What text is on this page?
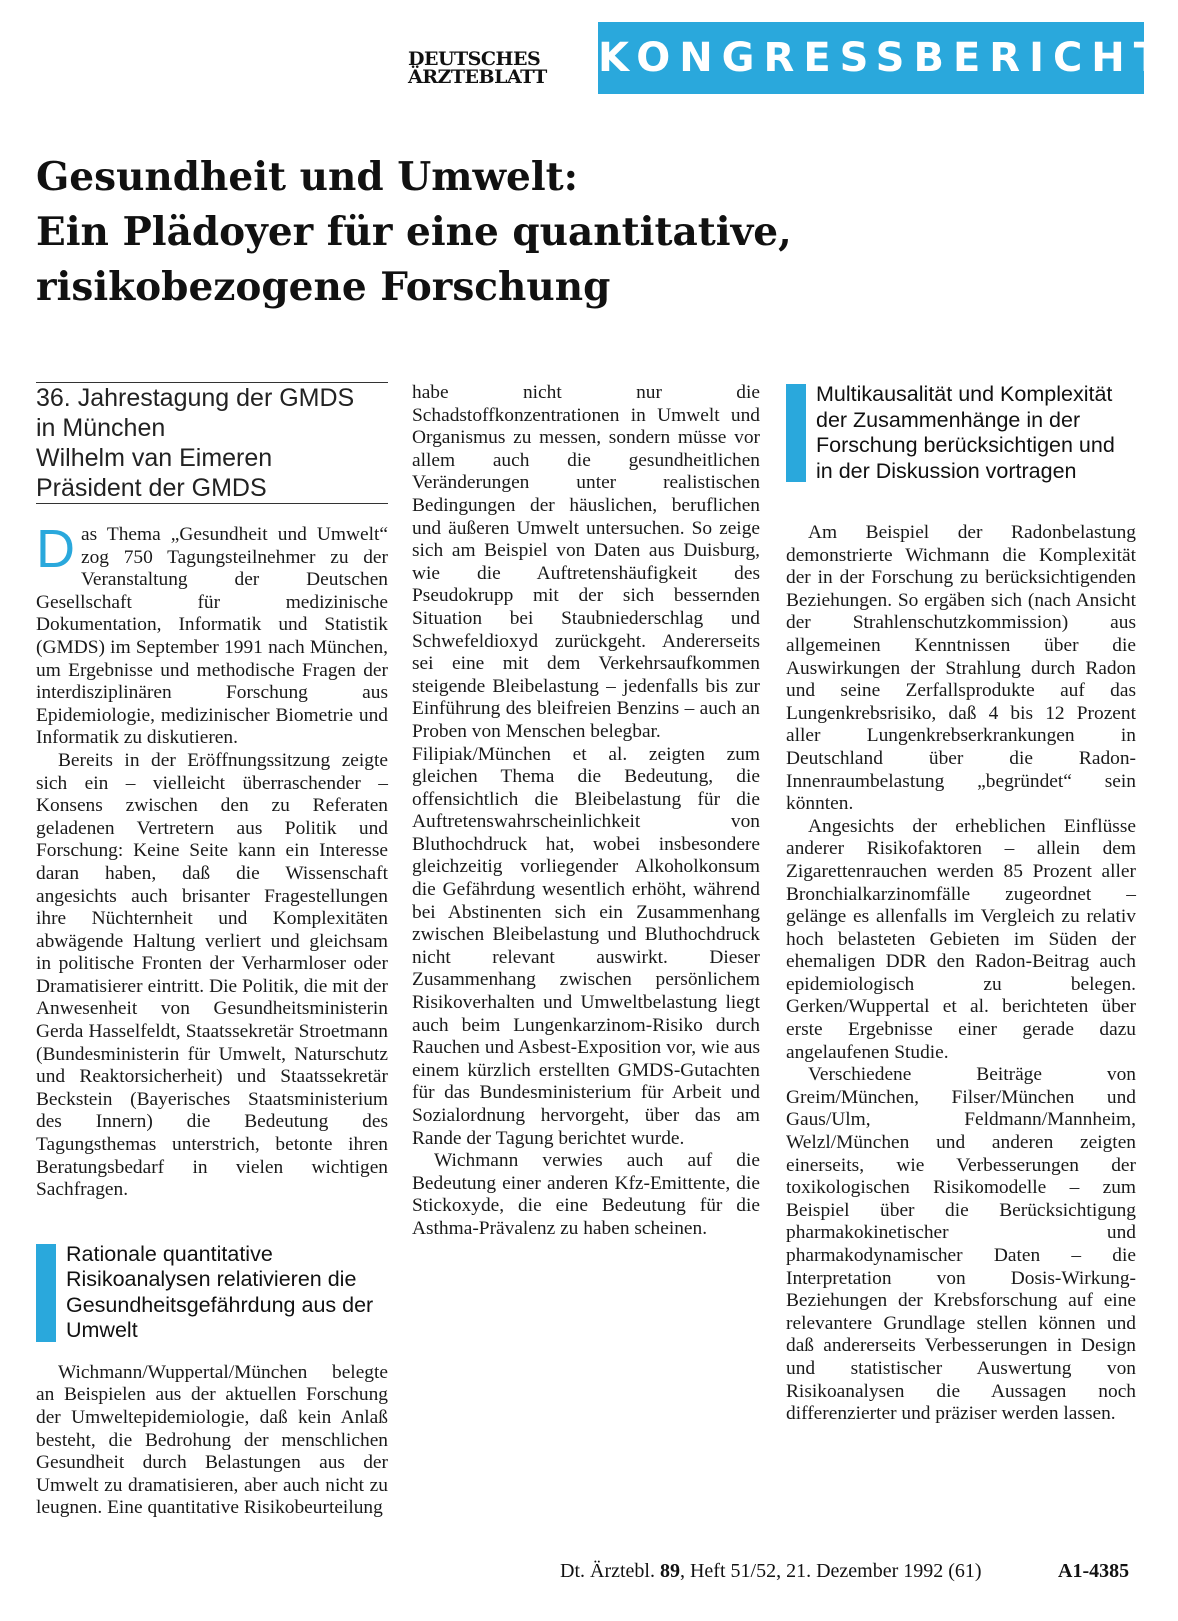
DEUTSCHES
ÄRZTEBLATT KONGRESSBERICHT
Gesundheit und Umwelt:
Ein Plädoyer für eine quantitative,
risikobezogene Forschung
36. Jahrestagung der GMDS
in München
Wilhelm van Eimeren
Präsident der GMDS

Das Thema „Gesundheit und Umwelt“ zog 750 Tagungsteilnehmer zu der Veranstaltung der Deutschen Gesellschaft für medizinische Dokumentation, Informatik und Statistik (GMDS) im September 1991 nach München, um Ergebnisse und methodische Fragen der interdisziplinären Forschung aus Epidemiologie, medizinischer Biometrie und Informatik zu diskutieren.

Bereits in der Eröffnungssitzung zeigte sich ein – vielleicht überraschender – Konsens zwischen den zu Referaten geladenen Vertretern aus Politik und Forschung: Keine Seite kann ein Interesse daran haben, daß die Wissenschaft angesichts auch brisanter Fragestellungen ihre Nüchternheit und Komplexitäten abwägende Haltung verliert und gleichsam in politische Fronten der Verharmloser oder Dramatisierer eintritt. Die Politik, die mit der Anwesenheit von Gesundheitsministerin Gerda Hasselfeldt, Staatssekretär Stroetmann (Bundesministerin für Umwelt, Naturschutz und Reaktorsicherheit) und Staatssekretär Beckstein (Bayerisches Staatsministerium des Innern) die Bedeutung des Tagungsthemas unterstrich, betonte ihren Beratungsbedarf in vielen wichtigen Sachfragen.

Rationale quantitative Risikoanalysen relativieren die Gesundheitsgefährdung aus der Umwelt

Wichmann/Wuppertal/München belegte an Beispielen aus der aktuellen Forschung der Umweltepidemiologie, daß kein Anlaß besteht, die Bedrohung der menschlichen Gesundheit durch Belastungen aus der Umwelt zu dramatisieren, aber auch nicht zu leugnen. Eine quantitative Risikobeurteilung

habe nicht nur die Schadstoffkonzentrationen in Umwelt und Organismus zu messen, sondern müsse vor allem auch die gesundheitlichen Veränderungen unter realistischen Bedingungen der häuslichen, beruflichen und äußeren Umwelt untersuchen. So zeige sich am Beispiel von Daten aus Duisburg, wie die Auftretenshäufigkeit des Pseudokrupp mit der sich bessernden Situation bei Staubniederschlag und Schwefeldioxyd zurückgeht. Andererseits sei eine mit dem Verkehrsaufkommen steigende Bleibelastung – jedenfalls bis zur Einführung des bleifreien Benzins – auch an Proben von Menschen belegbar.

Filipiak/München et al. zeigten zum gleichen Thema die Bedeutung, die offensichtlich die Bleibelastung für die Auftretenswahrscheinlichkeit von Bluthochdruck hat, wobei insbesondere gleichzeitig vorliegender Alkoholkonsum die Gefährdung wesentlich erhöht, während bei Abstinenten sich ein Zusammenhang zwischen Bleibelastung und Bluthochdruck nicht relevant auswirkt. Dieser Zusammenhang zwischen persönlichem Risikoverhalten und Umweltbelastung liegt auch beim Lungenkarzinom-Risiko durch Rauchen und Asbest-Exposition vor, wie aus einem kürzlich erstellten GMDS-Gutachten für das Bundesministerium für Arbeit und Sozialordnung hervorgeht, über das am Rande der Tagung berichtet wurde.

Wichmann verwies auch auf die Bedeutung einer anderen Kfz-Emittente, die Stickoxyde, die eine Bedeutung für die Asthma-Prävalenz zu haben scheinen.

Multikausalität und Komplexität der Zusammenhänge in der Forschung berücksichtigen und in der Diskussion vortragen

Am Beispiel der Radonbelastung demonstrierte Wichmann die Komplexität der in der Forschung zu berücksichtigenden Beziehungen. So ergäben sich (nach Ansicht der Strahlenschutzkommission) aus allgemeinen Kenntnissen über die Auswirkungen der Strahlung durch Radon und seine Zerfallsprodukte auf das Lungenkrebsrisiko, daß 4 bis 12 Prozent aller Lungenkrebserkrankungen in Deutschland über die Radon-Innenraumbelastung „begründet“ sein könnten.

Angesichts der erheblichen Einflüsse anderer Risikofaktoren – allein dem Zigarettenrauchen werden 85 Prozent aller Bronchialkarzinomfälle zugeordnet – gelänge es allenfalls im Vergleich zu relativ hoch belasteten Gebieten im Süden der ehemaligen DDR den Radon-Beitrag auch epidemiologisch zu belegen. Gerken/Wuppertal et al. berichteten über erste Ergebnisse einer gerade dazu angelaufenen Studie.

Verschiedene Beiträge von Greim/München, Filser/München und Gaus/Ulm, Feldmann/Mannheim, Welzl/München und anderen zeigten einerseits, wie Verbesserungen der toxikologischen Risikomodelle – zum Beispiel über die Berücksichtigung pharmakokinetischer und pharmakodynamischer Daten – die Interpretation von Dosis-Wirkung-Beziehungen der Krebsforschung auf eine relevantere Grundlage stellen können und daß andererseits Verbesserungen in Design und statistischer Auswertung von Risikoanalysen die Aussagen noch differenzierter und präziser werden lassen.

Dt. Ärztebl. 89, Heft 51/52, 21. Dezember 1992 (61)	A1-4385
